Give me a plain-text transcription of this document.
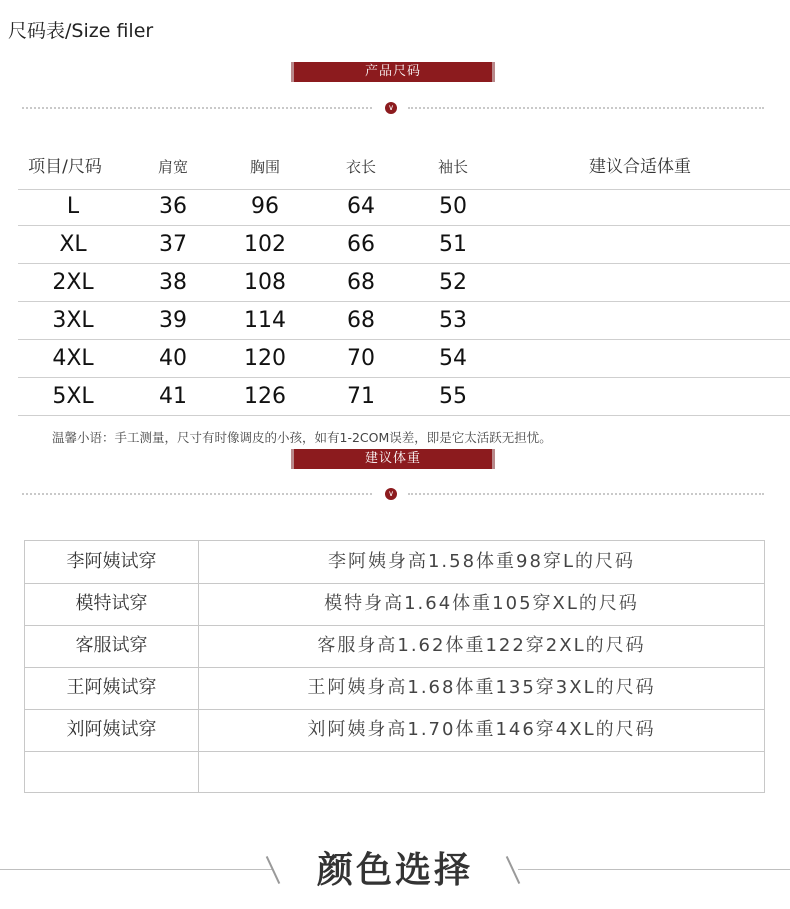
尺码表/Size filer
产品尺码
∨
项目/尺码	肩宽	胸围	衣长	袖长	建议合适体重
L	36	96	64	50
XL	37	102	66	51
2XL	38	108	68	52
3XL	39	114	68	53
4XL	40	120	70	54
5XL	41	126	71	55
温馨小语：手工测量，尺寸有时像调皮的小孩，如有1-2COM误差，即是它太活跃无担忧。
建议体重
∨
李阿姨试穿	李阿姨身高1.58体重98穿L的尺码
模特试穿	模特身高1.64体重105穿XL的尺码
客服试穿	客服身高1.62体重122穿2XL的尺码
王阿姨试穿	王阿姨身高1.68体重135穿3XL的尺码
刘阿姨试穿	刘阿姨身高1.70体重146穿4XL的尺码
颜色选择
